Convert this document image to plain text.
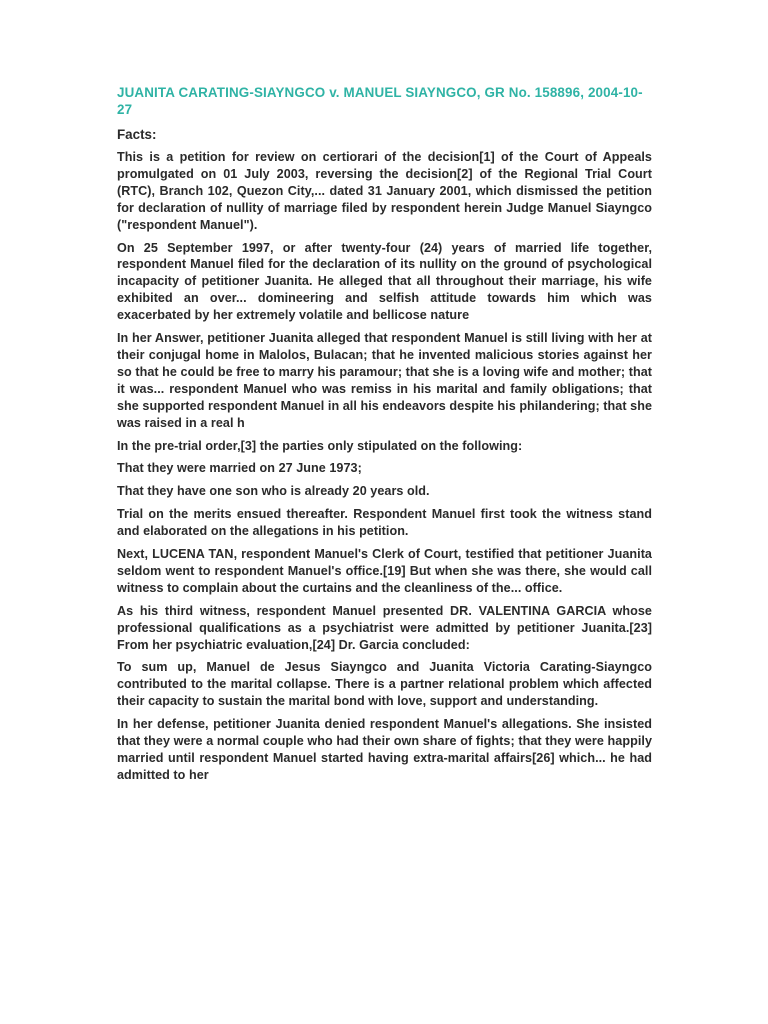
JUANITA CARATING-SIAYNGCO v. MANUEL SIAYNGCO, GR No. 158896, 2004-10-27
Facts:

This is a petition for review on certiorari of the decision[1] of the Court of Appeals promulgated on 01 July 2003, reversing the decision[2] of the Regional Trial Court (RTC), Branch 102, Quezon City,... dated 31 January 2001, which dismissed the petition for declaration of nullity of marriage filed by respondent herein Judge Manuel Siayngco ("respondent Manuel").

On 25 September 1997, or after twenty-four (24) years of married life together, respondent Manuel filed for the declaration of its nullity on the ground of psychological incapacity of petitioner Juanita. He alleged that all throughout their marriage, his wife exhibited an over... domineering and selfish attitude towards him which was exacerbated by her extremely volatile and bellicose nature

In her Answer, petitioner Juanita alleged that respondent Manuel is still living with her at their conjugal home in Malolos, Bulacan; that he invented malicious stories against her so that he could be free to marry his paramour; that she is a loving wife and mother; that it was... respondent Manuel who was remiss in his marital and family obligations; that she supported respondent Manuel in all his endeavors despite his philandering; that she was raised in a real h

In the pre-trial order,[3] the parties only stipulated on the following:

That they were married on 27 June 1973;

That they have one son who is already 20 years old.

Trial on the merits ensued thereafter. Respondent Manuel first took the witness stand and elaborated on the allegations in his petition.

Next, LUCENA TAN, respondent Manuel's Clerk of Court, testified that petitioner Juanita seldom went to respondent Manuel's office.[19] But when she was there, she would call witness to complain about the curtains and the cleanliness of the... office.

As his third witness, respondent Manuel presented DR. VALENTINA GARCIA whose professional qualifications as a psychiatrist were admitted by petitioner Juanita.[23] From her psychiatric evaluation,[24] Dr. Garcia concluded:

To sum up, Manuel de Jesus Siayngco and Juanita Victoria Carating-Siayngco contributed to the marital collapse. There is a partner relational problem which affected their capacity to sustain the marital bond with love, support and understanding.

In her defense, petitioner Juanita denied respondent Manuel's allegations. She insisted that they were a normal couple who had their own share of fights; that they were happily married until respondent Manuel started having extra-marital affairs[26] which... he had admitted to her
